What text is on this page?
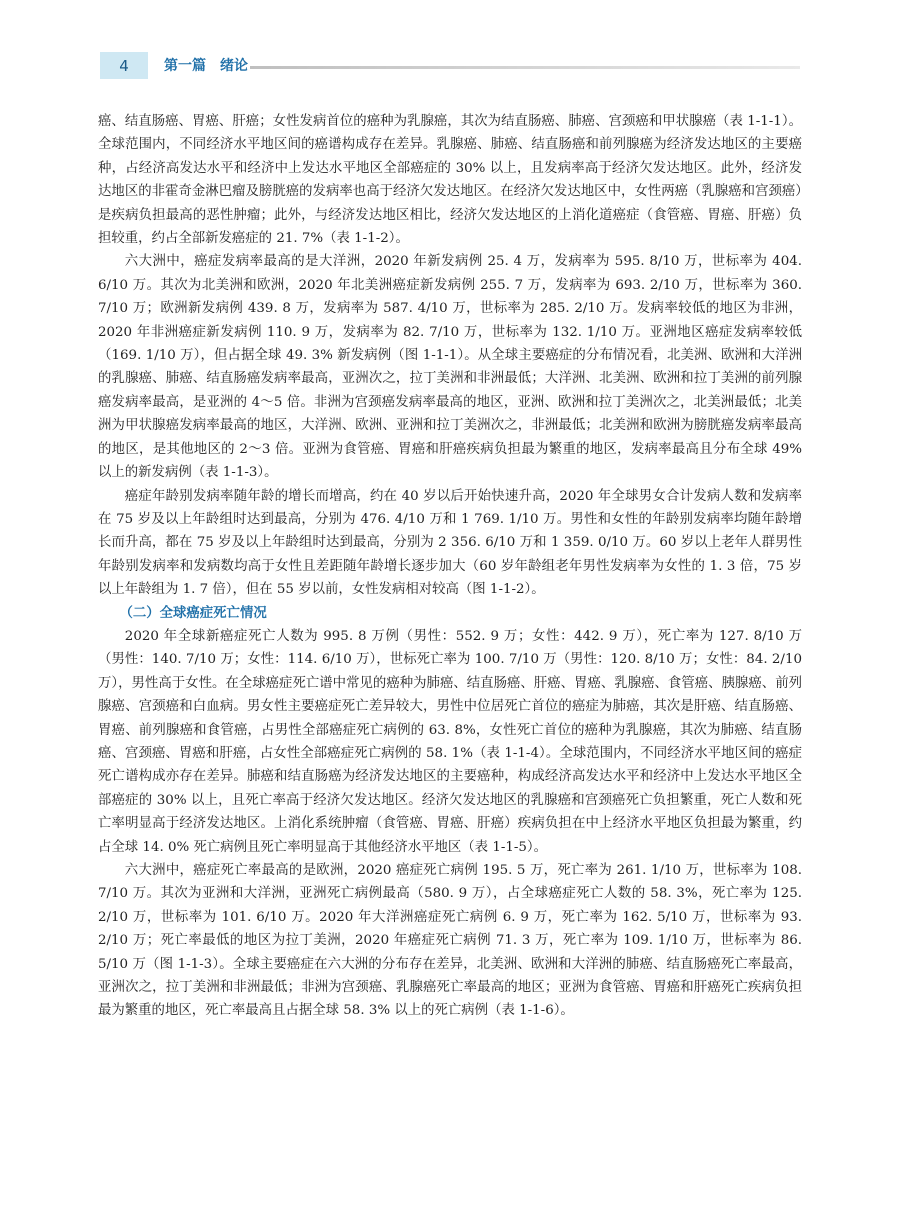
4	第一篇 绪论

癌、结直肠癌、胃癌、肝癌；女性发病首位的癌种为乳腺癌，其次为结直肠癌、肺癌、宫颈癌和甲状腺癌（表 1-1-1）。全球范围内，不同经济水平地区间的癌谱构成存在差异。乳腺癌、肺癌、结直肠癌和前列腺癌为经济发达地区的主要癌种，占经济高发达水平和经济中上发达水平地区全部癌症的 30% 以上，且发病率高于经济欠发达地区。此外，经济发达地区的非霍奇金淋巴瘤及膀胱癌的发病率也高于经济欠发达地区。在经济欠发达地区中，女性两癌（乳腺癌和宫颈癌）是疾病负担最高的恶性肿瘤；此外，与经济发达地区相比，经济欠发达地区的上消化道癌症（食管癌、胃癌、肝癌）负担较重，约占全部新发癌症的 21. 7%（表 1-1-2）。

六大洲中，癌症发病率最高的是大洋洲，2020 年新发病例 25. 4 万，发病率为 595. 8/10 万，世标率为 404. 6/10 万。其次为北美洲和欧洲，2020 年北美洲癌症新发病例 255. 7 万，发病率为 693. 2/10 万，世标率为 360. 7/10 万；欧洲新发病例 439. 8 万，发病率为 587. 4/10 万，世标率为 285. 2/10 万。发病率较低的地区为非洲，2020 年非洲癌症新发病例 110. 9 万，发病率为 82. 7/10 万，世标率为 132. 1/10 万。亚洲地区癌症发病率较低（169. 1/10 万），但占据全球 49. 3% 新发病例（图 1-1-1）。从全球主要癌症的分布情况看，北美洲、欧洲和大洋洲的乳腺癌、肺癌、结直肠癌发病率最高，亚洲次之，拉丁美洲和非洲最低；大洋洲、北美洲、欧洲和拉丁美洲的前列腺癌发病率最高，是亚洲的 4～5 倍。非洲为宫颈癌发病率最高的地区，亚洲、欧洲和拉丁美洲次之，北美洲最低；北美洲为甲状腺癌发病率最高的地区，大洋洲、欧洲、亚洲和拉丁美洲次之，非洲最低；北美洲和欧洲为膀胱癌发病率最高的地区，是其他地区的 2～3 倍。亚洲为食管癌、胃癌和肝癌疾病负担最为繁重的地区，发病率最高且分布全球 49% 以上的新发病例（表 1-1-3）。

癌症年龄别发病率随年龄的增长而增高，约在 40 岁以后开始快速升高，2020 年全球男女合计发病人数和发病率在 75 岁及以上年龄组时达到最高，分别为 476. 4/10 万和 1 769. 1/10 万。男性和女性的年龄别发病率均随年龄增长而升高，都在 75 岁及以上年龄组时达到最高，分别为 2 356. 6/10 万和 1 359. 0/10 万。60 岁以上老年人群男性年龄别发病率和发病数均高于女性且差距随年龄增长逐步加大（60 岁年龄组老年男性发病率为女性的 1. 3 倍，75 岁以上年龄组为 1. 7 倍），但在 55 岁以前，女性发病相对较高（图 1-1-2）。

（二）全球癌症死亡情况

2020 年全球新癌症死亡人数为 995. 8 万例（男性：552. 9 万；女性：442. 9 万），死亡率为 127. 8/10 万（男性：140. 7/10 万；女性：114. 6/10 万），世标死亡率为 100. 7/10 万（男性：120. 8/10 万；女性：84. 2/10 万），男性高于女性。在全球癌症死亡谱中常见的癌种为肺癌、结直肠癌、肝癌、胃癌、乳腺癌、食管癌、胰腺癌、前列腺癌、宫颈癌和白血病。男女性主要癌症死亡差异较大，男性中位居死亡首位的癌症为肺癌，其次是肝癌、结直肠癌、胃癌、前列腺癌和食管癌，占男性全部癌症死亡病例的 63. 8%，女性死亡首位的癌种为乳腺癌，其次为肺癌、结直肠癌、宫颈癌、胃癌和肝癌，占女性全部癌症死亡病例的 58. 1%（表 1-1-4）。全球范围内，不同经济水平地区间的癌症死亡谱构成亦存在差异。肺癌和结直肠癌为经济发达地区的主要癌种，构成经济高发达水平和经济中上发达水平地区全部癌症的 30% 以上，且死亡率高于经济欠发达地区。经济欠发达地区的乳腺癌和宫颈癌死亡负担繁重，死亡人数和死亡率明显高于经济发达地区。上消化系统肿瘤（食管癌、胃癌、肝癌）疾病负担在中上经济水平地区负担最为繁重，约占全球 14. 0% 死亡病例且死亡率明显高于其他经济水平地区（表 1-1-5）。

六大洲中，癌症死亡率最高的是欧洲，2020 癌症死亡病例 195. 5 万，死亡率为 261. 1/10 万，世标率为 108. 7/10 万。其次为亚洲和大洋洲，亚洲死亡病例最高（580. 9 万），占全球癌症死亡人数的 58. 3%，死亡率为 125. 2/10 万，世标率为 101. 6/10 万。2020 年大洋洲癌症死亡病例 6. 9 万，死亡率为 162. 5/10 万，世标率为 93. 2/10 万；死亡率最低的地区为拉丁美洲，2020 年癌症死亡病例 71. 3 万，死亡率为 109. 1/10 万，世标率为 86. 5/10 万（图 1-1-3）。全球主要癌症在六大洲的分布存在差异，北美洲、欧洲和大洋洲的肺癌、结直肠癌死亡率最高，亚洲次之，拉丁美洲和非洲最低；非洲为宫颈癌、乳腺癌死亡率最高的地区；亚洲为食管癌、胃癌和肝癌死亡疾病负担最为繁重的地区，死亡率最高且占据全球 58. 3% 以上的死亡病例（表 1-1-6）。
